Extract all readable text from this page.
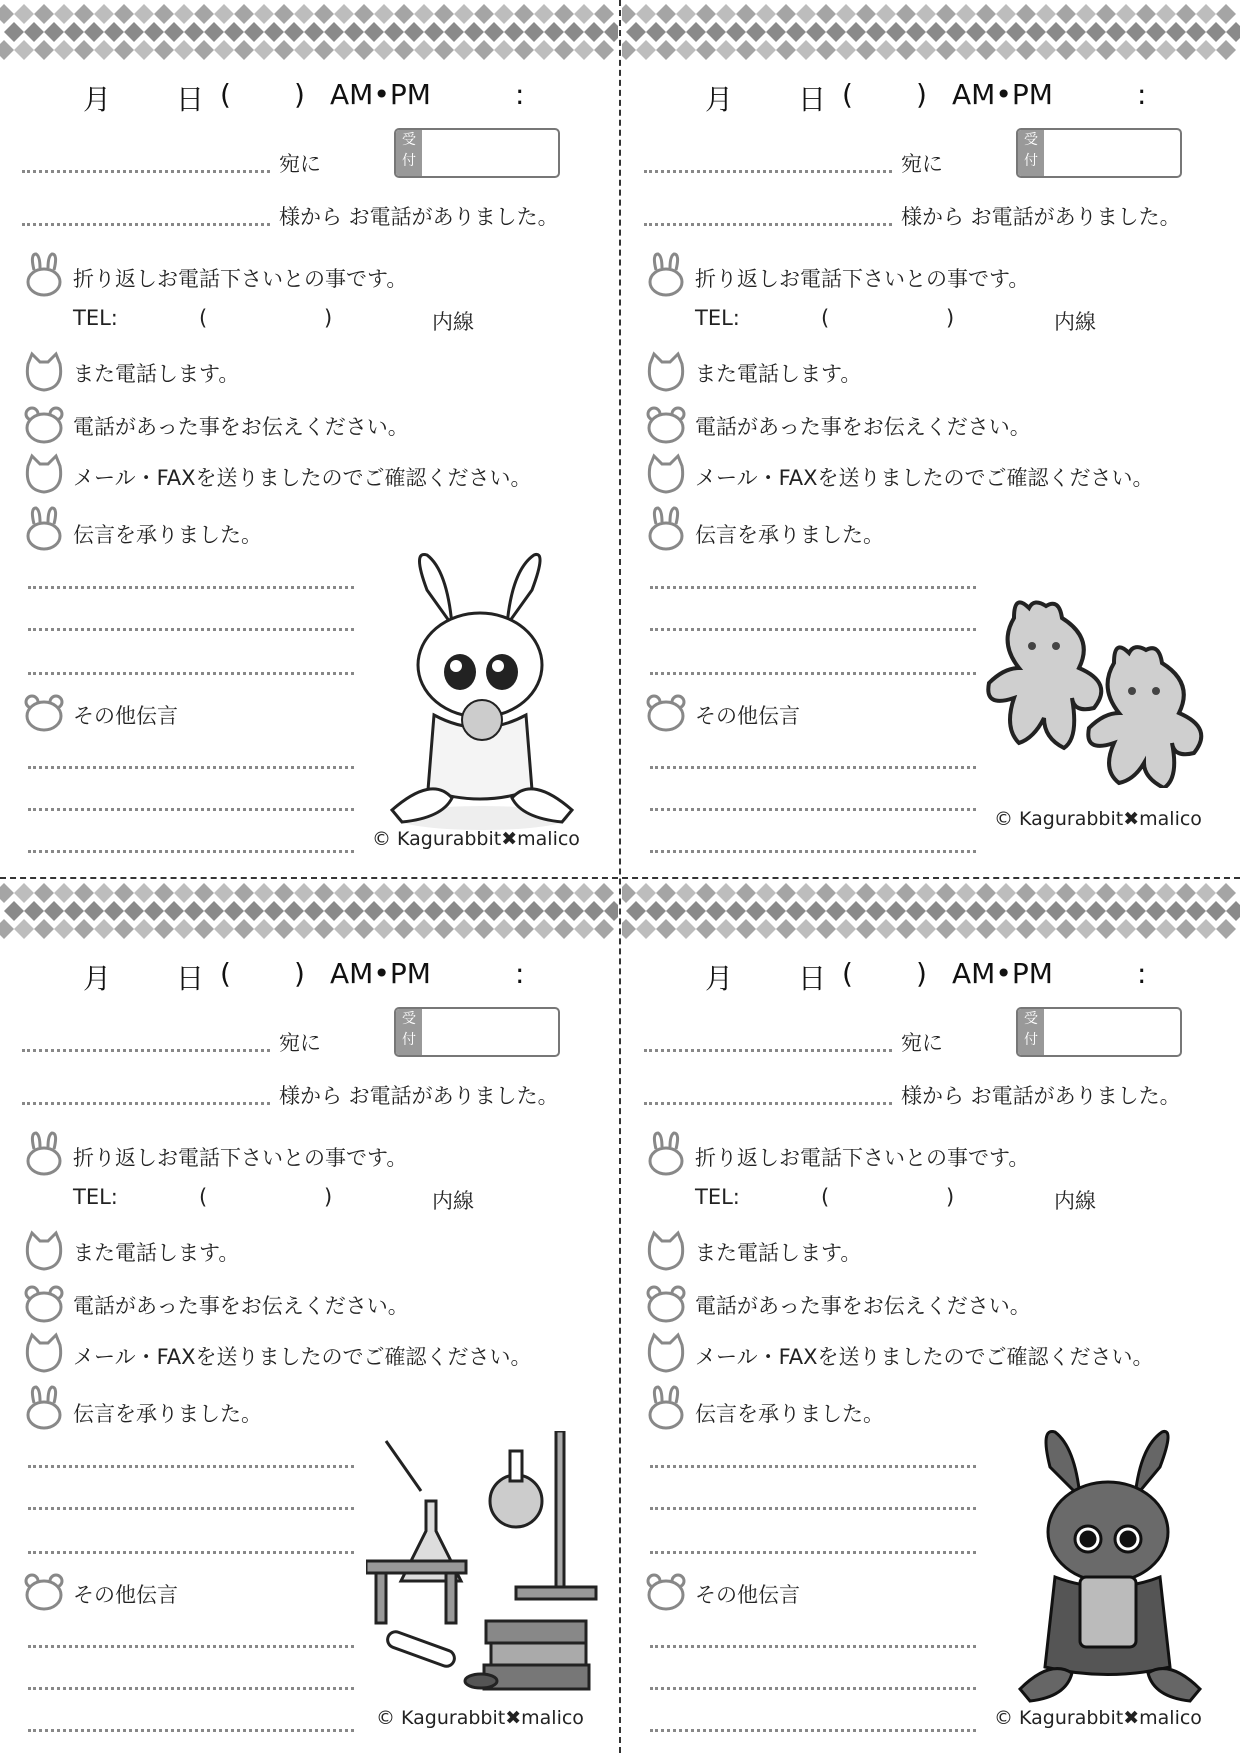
月 日 ( ) AM•PM	:
宛に
受
付
様から お電話がありました。
折り返しお電話下さいとの事です。
TEL:	(	)	内線
また電話します。
電話があった事をお伝えください。
メール・FAXを送りましたのでご確認ください。
伝言を承りました。
その他伝言
© Kagurabbit✖malico
月 日 ( ) AM•PM	:
宛に
受
付
様から お電話がありました。
折り返しお電話下さいとの事です。
TEL:	(	)	内線
また電話します。
電話があった事をお伝えください。
メール・FAXを送りましたのでご確認ください。
伝言を承りました。
その他伝言
© Kagurabbit✖malico
月 日 ( ) AM•PM	:
宛に
受
付
様から お電話がありました。
折り返しお電話下さいとの事です。
TEL:	(	)	内線
また電話します。
電話があった事をお伝えください。
メール・FAXを送りましたのでご確認ください。
伝言を承りました。
その他伝言
© Kagurabbit✖malico
月 日 ( ) AM•PM	:
宛に
受
付
様から お電話がありました。
折り返しお電話下さいとの事です。
TEL:	(	)	内線
また電話します。
電話があった事をお伝えください。
メール・FAXを送りましたのでご確認ください。
伝言を承りました。
その他伝言
© Kagurabbit✖malico
